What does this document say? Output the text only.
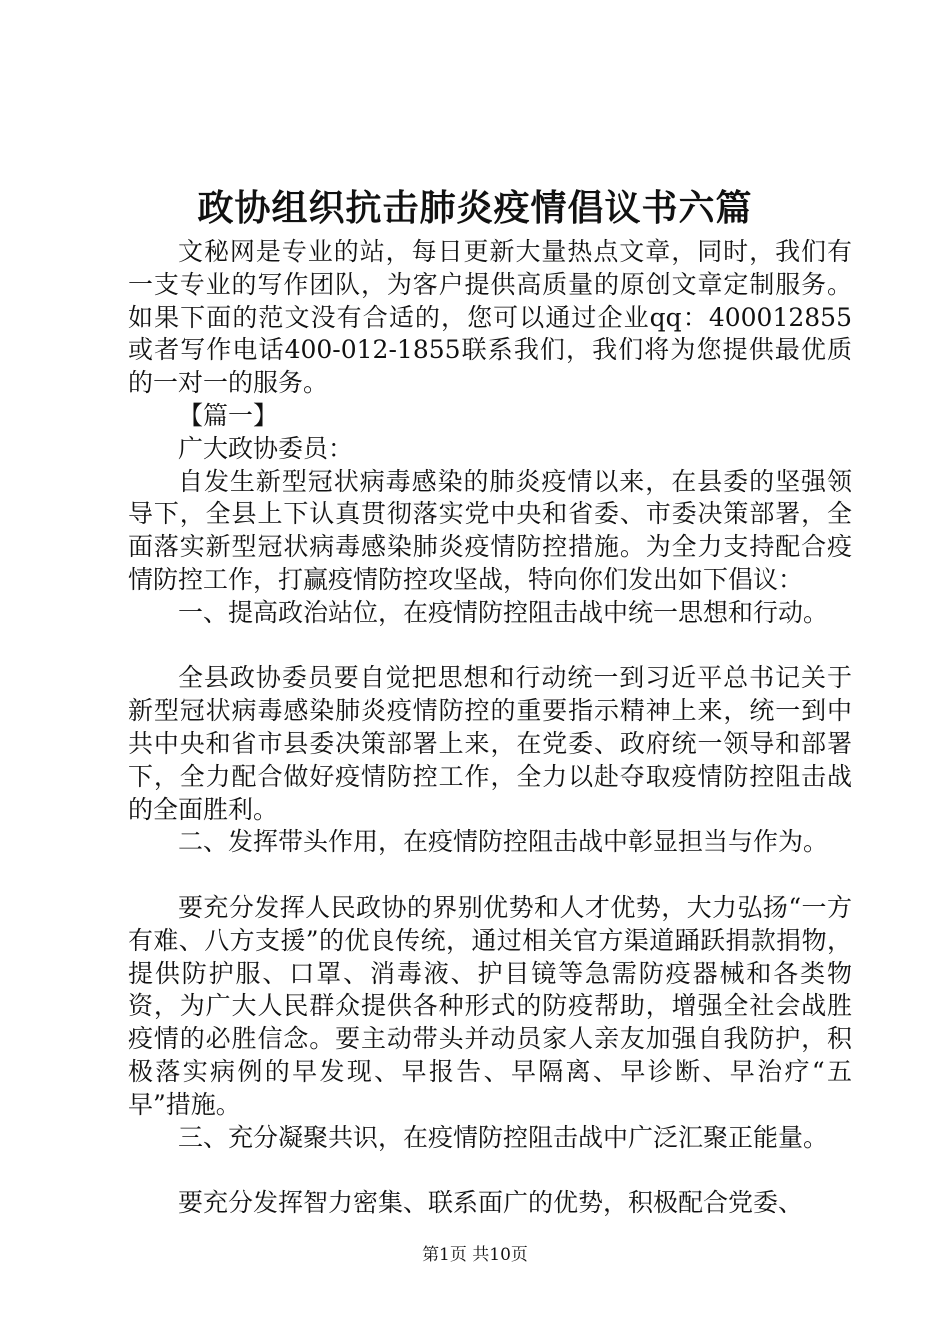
政协组织抗击肺炎疫情倡议书六篇

文秘网是专业的站，每日更新大量热点文章，同时，我们有一支专业的写作团队，为客户提供高质量的原创文章定制服务。如果下面的范文没有合适的，您可以通过企业qq：400012855或者写作电话400-012-1855联系我们，我们将为您提供最优质的一对一的服务。

【篇一】

广大政协委员：

自发生新型冠状病毒感染的肺炎疫情以来，在县委的坚强领导下，全县上下认真贯彻落实党中央和省委、市委决策部署，全面落实新型冠状病毒感染肺炎疫情防控措施。为全力支持配合疫情防控工作，打赢疫情防控攻坚战，特向你们发出如下倡议：

一、提高政治站位，在疫情防控阻击战中统一思想和行动。

全县政协委员要自觉把思想和行动统一到习近平总书记关于新型冠状病毒感染肺炎疫情防控的重要指示精神上来，统一到中共中央和省市县委决策部署上来，在党委、政府统一领导和部署下，全力配合做好疫情防控工作，全力以赴夺取疫情防控阻击战的全面胜利。

二、发挥带头作用，在疫情防控阻击战中彰显担当与作为。

要充分发挥人民政协的界别优势和人才优势，大力弘扬“一方有难、八方支援”的优良传统，通过相关官方渠道踊跃捐款捐物，提供防护服、口罩、消毒液、护目镜等急需防疫器械和各类物资，为广大人民群众提供各种形式的防疫帮助，增强全社会战胜疫情的必胜信念。要主动带头并动员家人亲友加强自我防护，积极落实病例的早发现、早报告、早隔离、早诊断、早治疗“五早”措施。

三、充分凝聚共识，在疫情防控阻击战中广泛汇聚正能量。

要充分发挥智力密集、联系面广的优势，积极配合党委、

第1页 共10页
